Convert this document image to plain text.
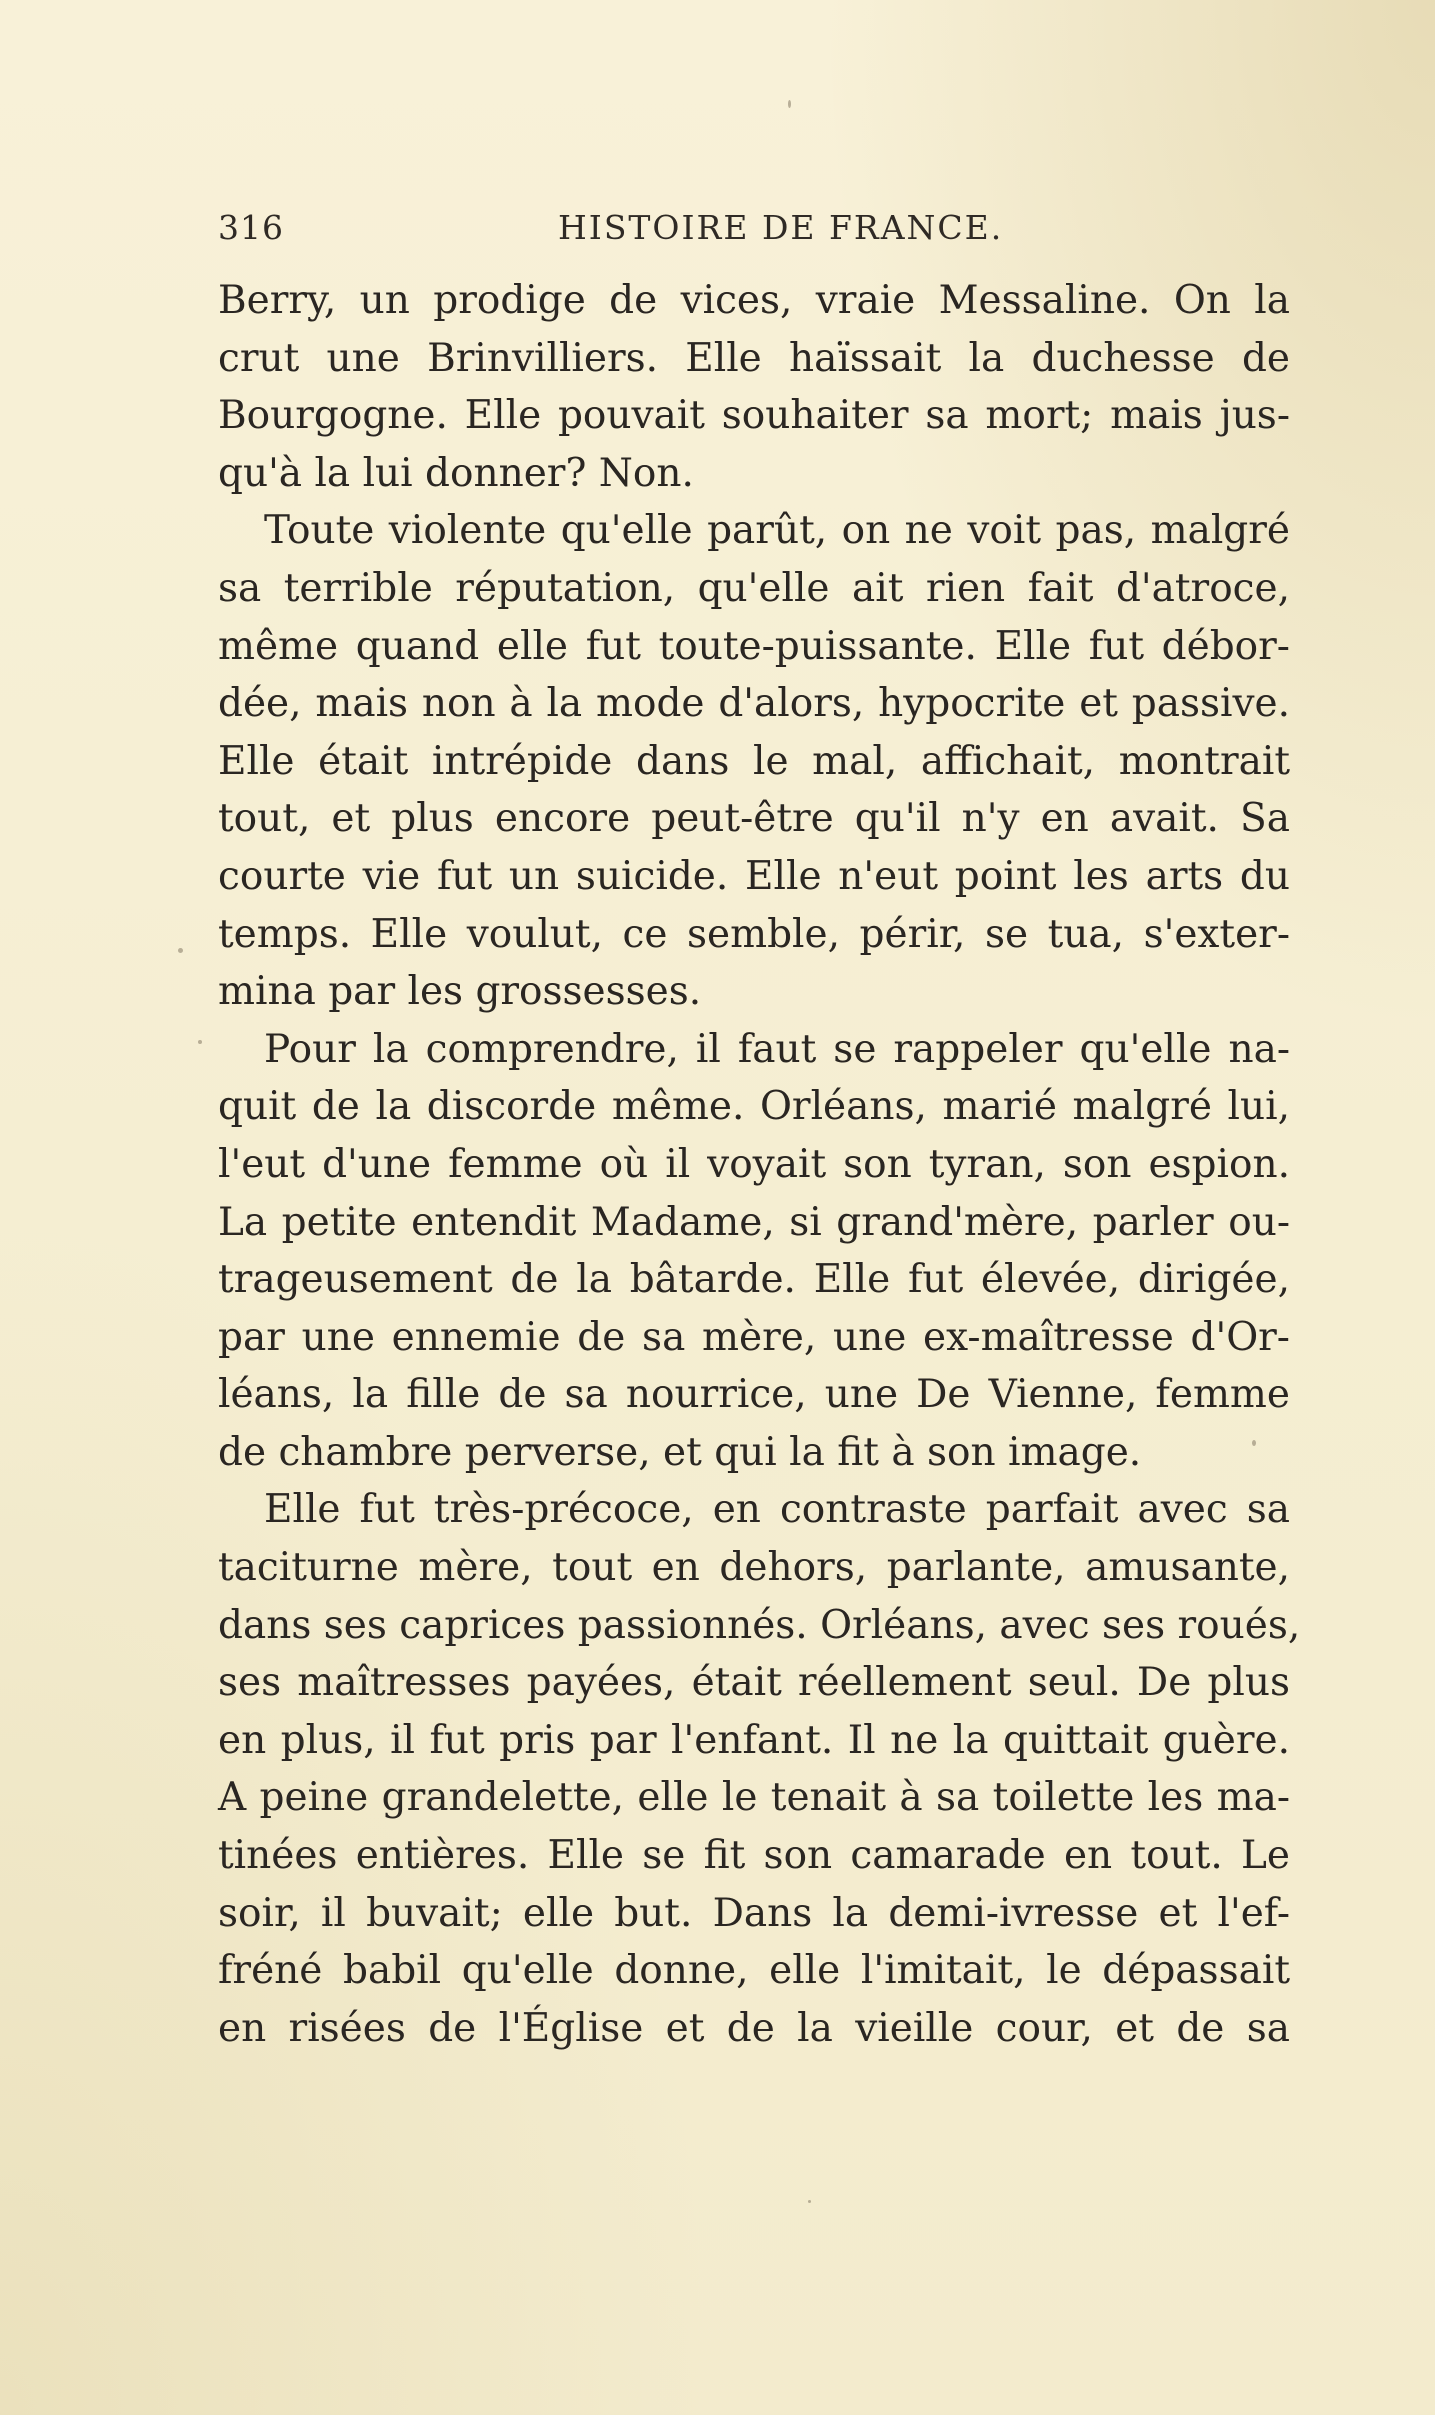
316	HISTOIRE DE FRANCE.
Berry, un prodige de vices, vraie Messaline. On la
crut une Brinvilliers. Elle haïssait la duchesse de
Bourgogne. Elle pouvait souhaiter sa mort; mais jus-
qu'à la lui donner? Non.
Toute violente qu'elle parût, on ne voit pas, malgré
sa terrible réputation, qu'elle ait rien fait d'atroce,
même quand elle fut toute-puissante. Elle fut débor-
dée, mais non à la mode d'alors, hypocrite et passive.
Elle était intrépide dans le mal, affichait, montrait
tout, et plus encore peut-être qu'il n'y en avait. Sa
courte vie fut un suicide. Elle n'eut point les arts du
temps. Elle voulut, ce semble, périr, se tua, s'exter-
mina par les grossesses.
Pour la comprendre, il faut se rappeler qu'elle na-
quit de la discorde même. Orléans, marié malgré lui,
l'eut d'une femme où il voyait son tyran, son espion.
La petite entendit Madame, si grand'mère, parler ou-
trageusement de la bâtarde. Elle fut élevée, dirigée,
par une ennemie de sa mère, une ex-maîtresse d'Or-
léans, la fille de sa nourrice, une De Vienne, femme
de chambre perverse, et qui la fit à son image.
Elle fut très-précoce, en contraste parfait avec sa
taciturne mère, tout en dehors, parlante, amusante,
dans ses caprices passionnés. Orléans, avec ses roués,
ses maîtresses payées, était réellement seul. De plus
en plus, il fut pris par l'enfant. Il ne la quittait guère.
A peine grandelette, elle le tenait à sa toilette les ma-
tinées entières. Elle se fit son camarade en tout. Le
soir, il buvait; elle but. Dans la demi-ivresse et l'ef-
fréné babil qu'elle donne, elle l'imitait, le dépassait
en risées de l'Église et de la vieille cour, et de sa
